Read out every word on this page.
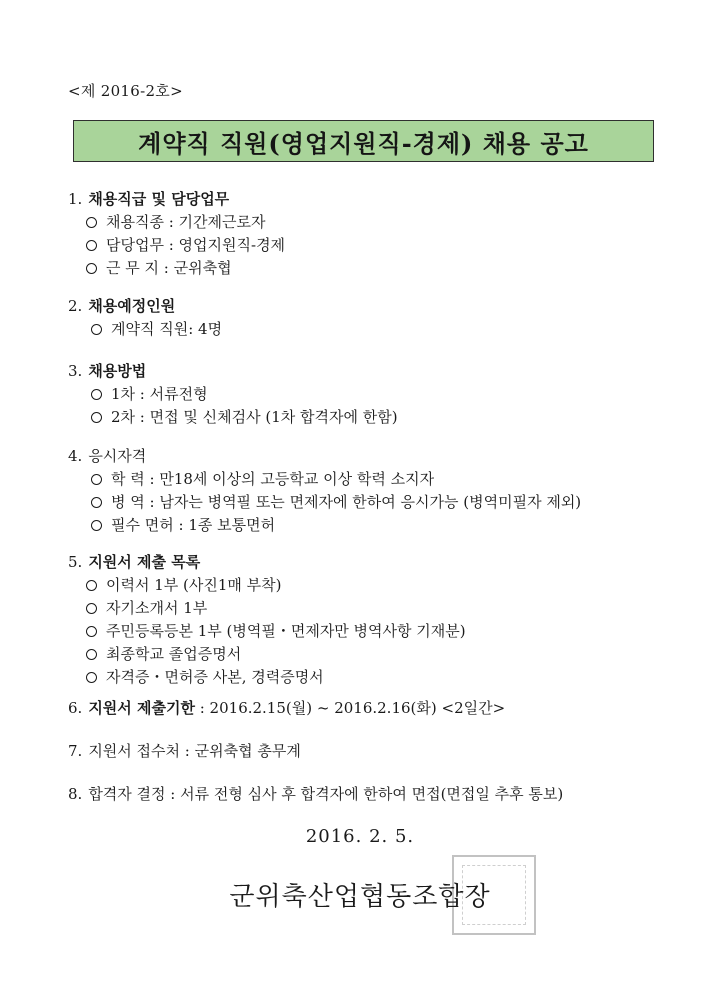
<제 2016-2호>
계약직 직원(영업지원직-경제) 채용 공고
1. 채용직급 및 담당업무
채용직종 : 기간제근로자
담당업무 : 영업지원직-경제
근 무 지 : 군위축협
2. 채용예정인원
계약직 직원: 4명
3. 채용방법
1차 : 서류전형
2차 : 면접 및 신체검사 (1차 합격자에 한함)
4. 응시자격
학 력 : 만18세 이상의 고등학교 이상 학력 소지자
병 역 : 남자는 병역필 또는 면제자에 한하여 응시가능 (병역미필자 제외)
필수 면허 : 1종 보통면허
5. 지원서 제출 목록
이력서 1부 (사진1매 부착)
자기소개서 1부
주민등록등본 1부 (병역필・면제자만 병역사항 기재분)
최종학교 졸업증명서
자격증・면허증 사본, 경력증명서
6. 지원서 제출기한 : 2016.2.15(월) ~ 2016.2.16(화) <2일간>
7. 지원서 접수처 : 군위축협 총무계
8. 합격자 결정 : 서류 전형 심사 후 합격자에 한하여 면접(면접일 추후 통보)
2016. 2. 5.
군위축산업협동조합장
